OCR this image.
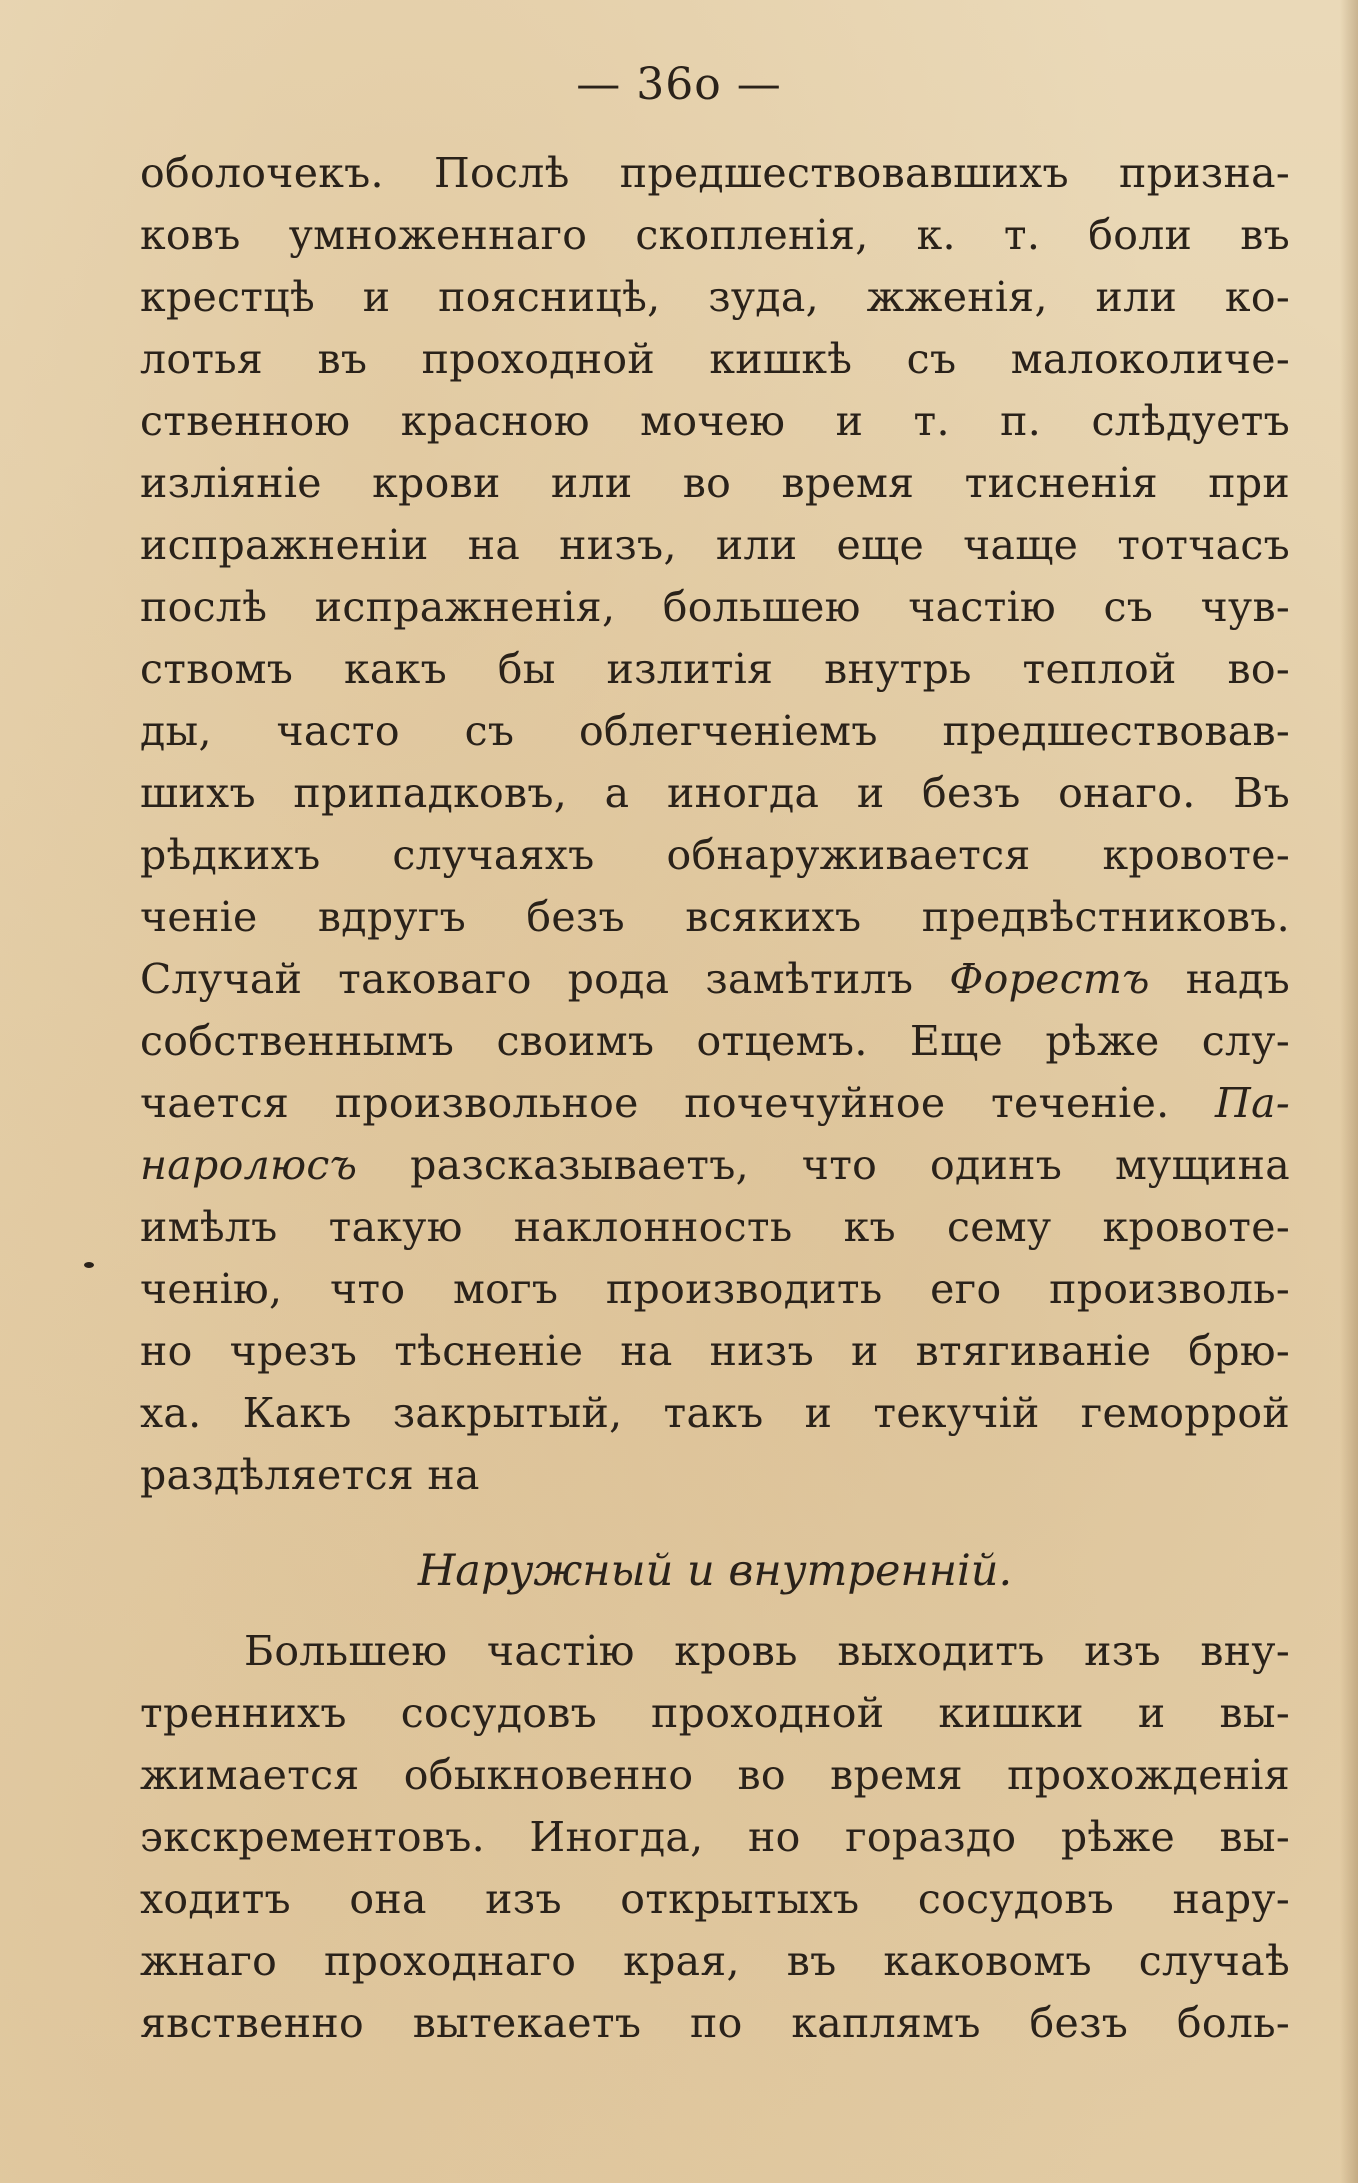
— 36о —
оболочекъ. Послѣ предшествовавшихъ призна-
ковъ умноженнаго скопленія, к. т. боли въ
крестцѣ и поясницѣ, зуда, жженія, или ко-
лотья въ проходной кишкѣ съ малоколиче-
ственною красною мочею и т. п. слѣдуетъ
изліяніе крови или во время тисненія при
испражненіи на низъ, или еще чаще тотчасъ
послѣ испражненія, большею частію съ чув-
ствомъ какъ бы излитія внутрь теплой во-
ды, часто съ облегченіемъ предшествовав-
шихъ припадковъ, а иногда и безъ онаго. Въ
рѣдкихъ случаяхъ обнаруживается кровоте-
ченіе вдругъ безъ всякихъ предвѣстниковъ.
Случай таковаго рода замѣтилъ Форестъ надъ
собственнымъ своимъ отцемъ. Еще рѣже слу-
чается произвольное почечуйное теченіе. Па-
наролюсъ разсказываетъ, что одинъ мущина
имѣлъ такую наклонность къ сему кровоте-
ченію, что могъ производить его произволь-
но чрезъ тѣсненіе на низъ и втягиваніе брю-
ха. Какъ закрытый, такъ и текучій геморрой
раздѣляется на
Наружный и внутренній.
Большею частію кровь выходитъ изъ вну-
треннихъ сосудовъ проходной кишки и вы-
жимается обыкновенно во время прохожденія
экскрементовъ. Иногда, но гораздо рѣже вы-
ходитъ она изъ открытыхъ сосудовъ нару-
жнаго проходнаго края, въ каковомъ случаѣ
явственно вытекаетъ по каплямъ безъ боль-
